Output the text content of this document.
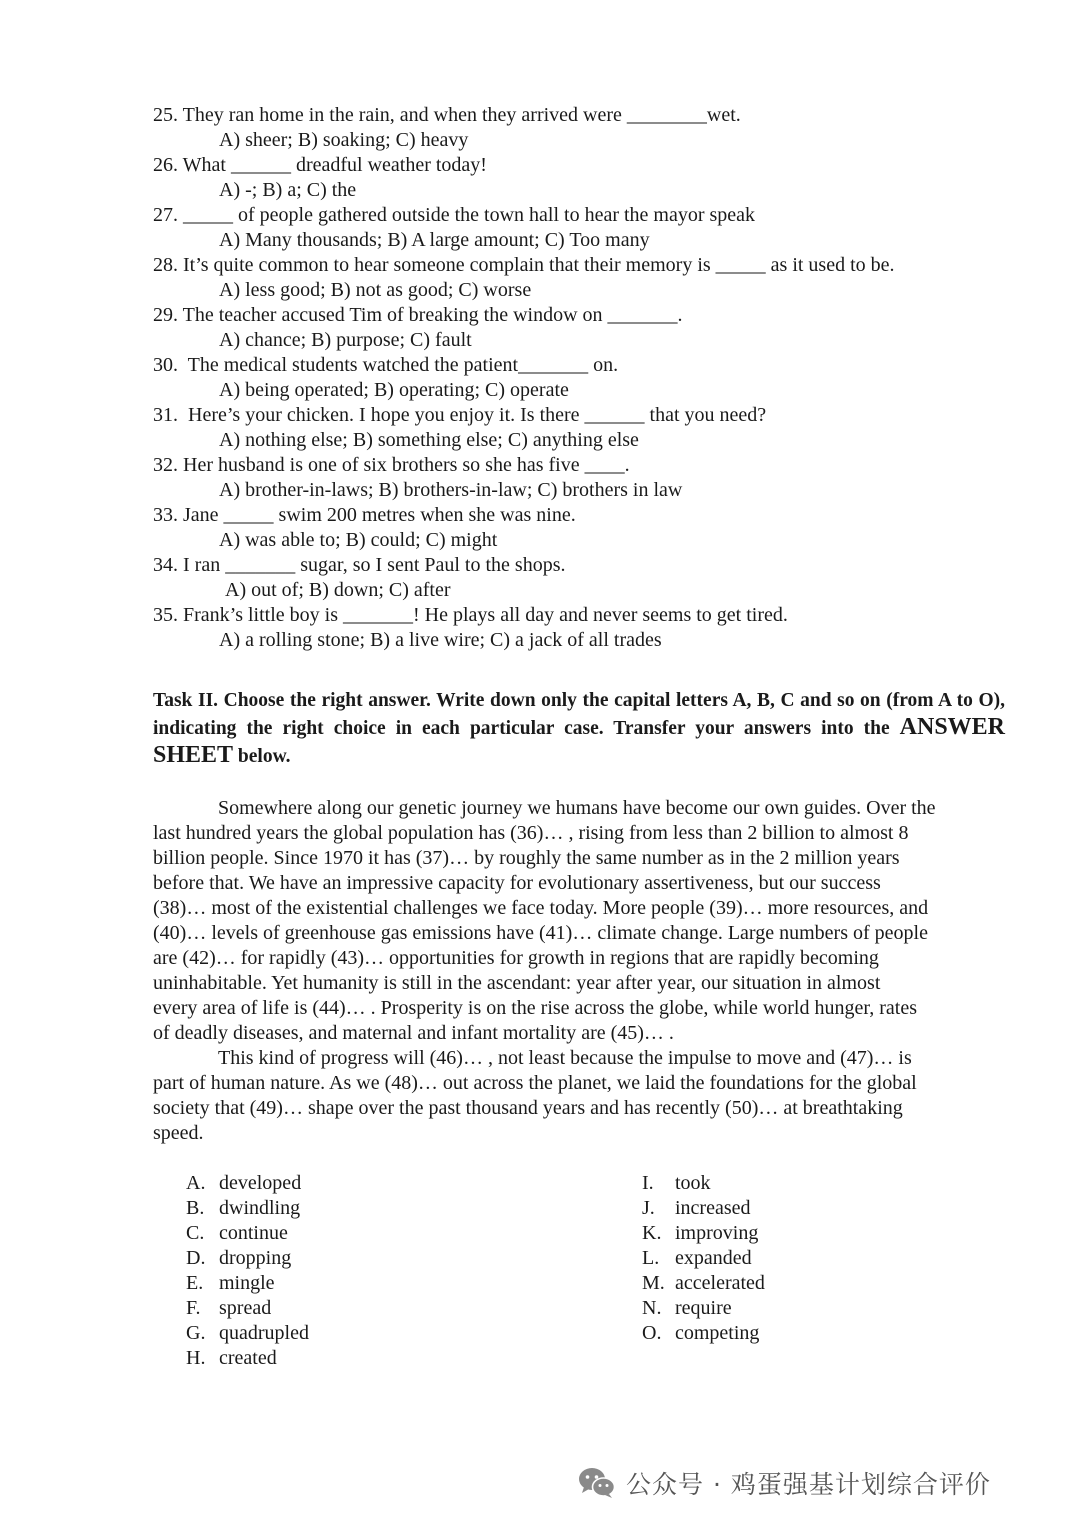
25. They ran home in the rain, and when they arrived were ________wet.
A) sheer; B) soaking; C) heavy
26. What ______ dreadful weather today!
A) -; B) a; C) the
27. _____ of people gathered outside the town hall to hear the mayor speak
A) Many thousands; B) A large amount; C) Too many
28. It’s quite common to hear someone complain that their memory is _____ as it used to be.
A) less good; B) not as good; C) worse
29. The teacher accused Tim of breaking the window on _______.
A) chance; B) purpose; C) fault
30.  The medical students watched the patient_______ on.
A) being operated; B) operating; C) operate
31.  Here’s your chicken. I hope you enjoy it. Is there ______ that you need?
A) nothing else; B) something else; C) anything else
32. Her husband is one of six brothers so she has five ____.
A) brother-in-laws; B) brothers-in-law; C) brothers in law
33. Jane _____ swim 200 metres when she was nine.
A) was able to; B) could; C) might
34. I ran _______ sugar, so I sent Paul to the shops.
A) out of; B) down; C) after
35. Frank’s little boy is _______! He plays all day and never seems to get tired.
A) a rolling stone; B) a live wire; C) a jack of all trades
Task II. Choose the right answer. Write down only the capital letters A, B, C and so on (from A to O), indicating the right choice in each particular case. Transfer your answers into the ANSWER SHEET below.
Somewhere along our genetic journey we humans have become our own guides. Over the
last hundred years the global population has (36)… , rising from less than 2 billion to almost 8
billion people. Since 1970 it has (37)… by roughly the same number as in the 2 million years
before that. We have an impressive capacity for evolutionary assertiveness, but our success
(38)… most of the existential challenges we face today. More people (39)… more resources, and
(40)… levels of greenhouse gas emissions have (41)… climate change. Large numbers of people
are (42)… for rapidly (43)… opportunities for growth in regions that are rapidly becoming
uninhabitable. Yet humanity is still in the ascendant: year after year, our situation in almost
every area of life is (44)… . Prosperity is on the rise across the globe, while world hunger, rates
of deadly diseases, and maternal and infant mortality are (45)… .
This kind of progress will (46)… , not least because the impulse to move and (47)… is
part of human nature. As we (48)… out across the planet, we laid the foundations for the global
society that (49)… shape over the past thousand years and has recently (50)… at breathtaking
speed.
A. developed
B. dwindling
C. continue
D. dropping
E. mingle
F. spread
G. quadrupled
H. created
I. took
J. increased
K. improving
L. expanded
M. accelerated
N. require
O. competing
公众号 · 鸡蛋强基计划综合评价
